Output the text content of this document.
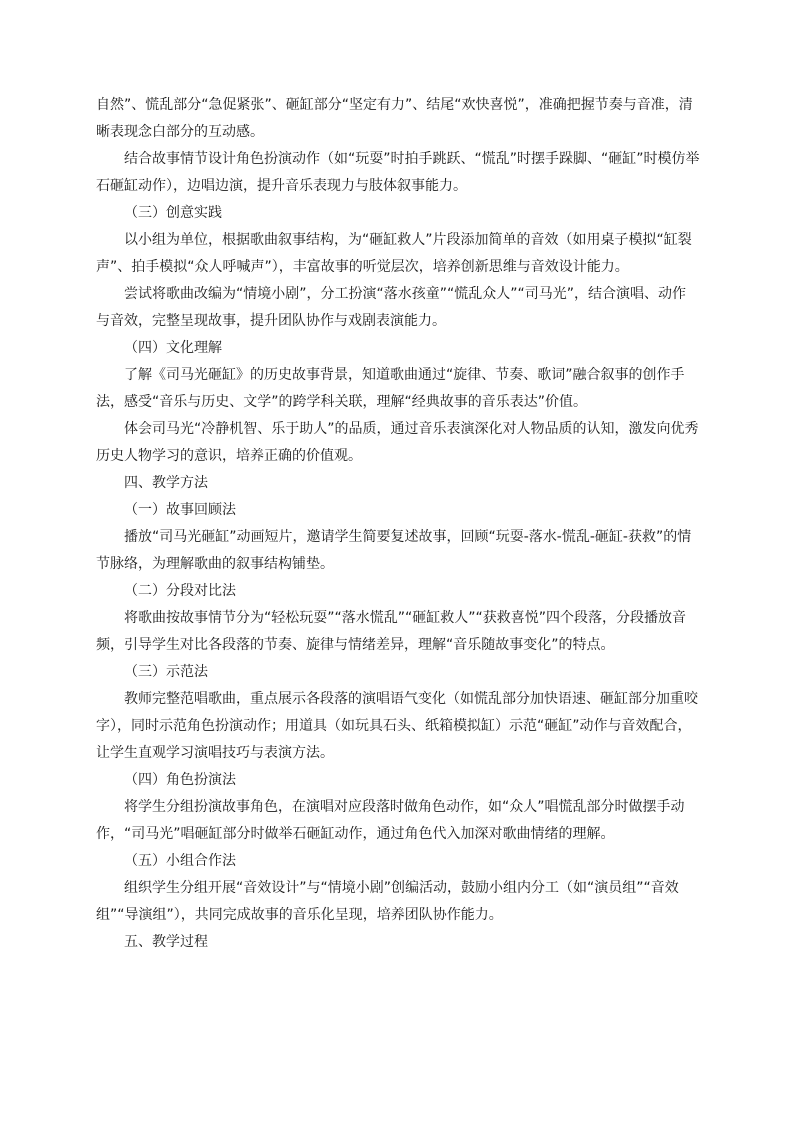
自然”、慌乱部分“急促紧张”、砸缸部分“坚定有力”、结尾“欢快喜悦”，准确把握节奏与音准，清晰表现念白部分的互动感。

结合故事情节设计角色扮演动作（如“玩耍”时拍手跳跃、“慌乱”时摆手跺脚、“砸缸”时模仿举石砸缸动作），边唱边演，提升音乐表现力与肢体叙事能力。

（三）创意实践

以小组为单位，根据歌曲叙事结构，为“砸缸救人”片段添加简单的音效（如用桌子模拟“缸裂声”、拍手模拟“众人呼喊声”），丰富故事的听觉层次，培养创新思维与音效设计能力。

尝试将歌曲改编为“情境小剧”，分工扮演“落水孩童”“慌乱众人”“司马光”，结合演唱、动作与音效，完整呈现故事，提升团队协作与戏剧表演能力。

（四）文化理解

了解《司马光砸缸》的历史故事背景，知道歌曲通过“旋律、节奏、歌词”融合叙事的创作手法，感受“音乐与历史、文学”的跨学科关联，理解“经典故事的音乐表达”价值。

体会司马光“冷静机智、乐于助人”的品质，通过音乐表演深化对人物品质的认知，激发向优秀历史人物学习的意识，培养正确的价值观。

四、教学方法

（一）故事回顾法

播放“司马光砸缸”动画短片，邀请学生简要复述故事，回顾“玩耍-落水-慌乱-砸缸-获救”的情节脉络，为理解歌曲的叙事结构铺垫。

（二）分段对比法

将歌曲按故事情节分为“轻松玩耍”“落水慌乱”“砸缸救人”“获救喜悦”四个段落，分段播放音频，引导学生对比各段落的节奏、旋律与情绪差异，理解“音乐随故事变化”的特点。

（三）示范法

教师完整范唱歌曲，重点展示各段落的演唱语气变化（如慌乱部分加快语速、砸缸部分加重咬字），同时示范角色扮演动作；用道具（如玩具石头、纸箱模拟缸）示范“砸缸”动作与音效配合，让学生直观学习演唱技巧与表演方法。

（四）角色扮演法

将学生分组扮演故事角色，在演唱对应段落时做角色动作，如“众人”唱慌乱部分时做摆手动作，“司马光”唱砸缸部分时做举石砸缸动作，通过角色代入加深对歌曲情绪的理解。

（五）小组合作法

组织学生分组开展“音效设计”与“情境小剧”创编活动，鼓励小组内分工（如“演员组”“音效组”“导演组”），共同完成故事的音乐化呈现，培养团队协作能力。

五、教学过程
